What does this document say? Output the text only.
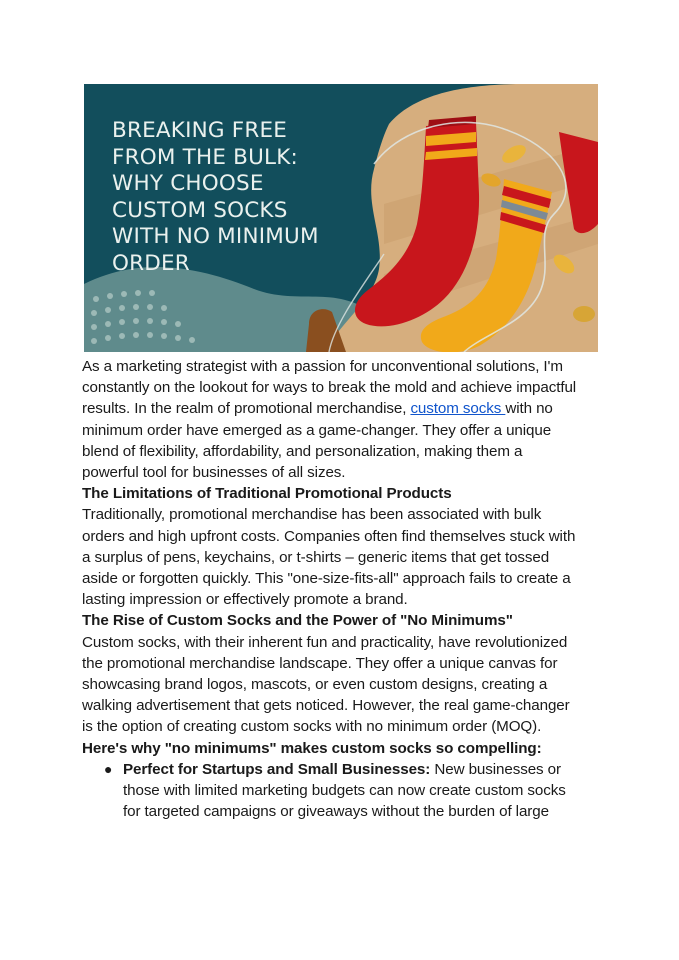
BREAKING FREE
FROM THE BULK:
WHY CHOOSE
CUSTOM SOCKS
WITH NO MINIMUM
ORDER

As a marketing strategist with a passion for unconventional solutions, I'm constantly on the lookout for ways to break the mold and achieve impactful results. In the realm of promotional merchandise, custom socks with no minimum order have emerged as a game-changer. They offer a unique blend of flexibility, affordability, and personalization, making them a powerful tool for businesses of all sizes.

The Limitations of Traditional Promotional Products

Traditionally, promotional merchandise has been associated with bulk orders and high upfront costs. Companies often find themselves stuck with a surplus of pens, keychains, or t-shirts – generic items that get tossed aside or forgotten quickly. This "one-size-fits-all" approach fails to create a lasting impression or effectively promote a brand.

The Rise of Custom Socks and the Power of "No Minimums"

Custom socks, with their inherent fun and practicality, have revolutionized the promotional merchandise landscape. They offer a unique canvas for showcasing brand logos, mascots, or even custom designs, creating a walking advertisement that gets noticed. However, the real game-changer is the option of creating custom socks with no minimum order (MOQ).

Here's why "no minimums" makes custom socks so compelling:
● Perfect for Startups and Small Businesses: New businesses or those with limited marketing budgets can now create custom socks for targeted campaigns or giveaways without the burden of large
